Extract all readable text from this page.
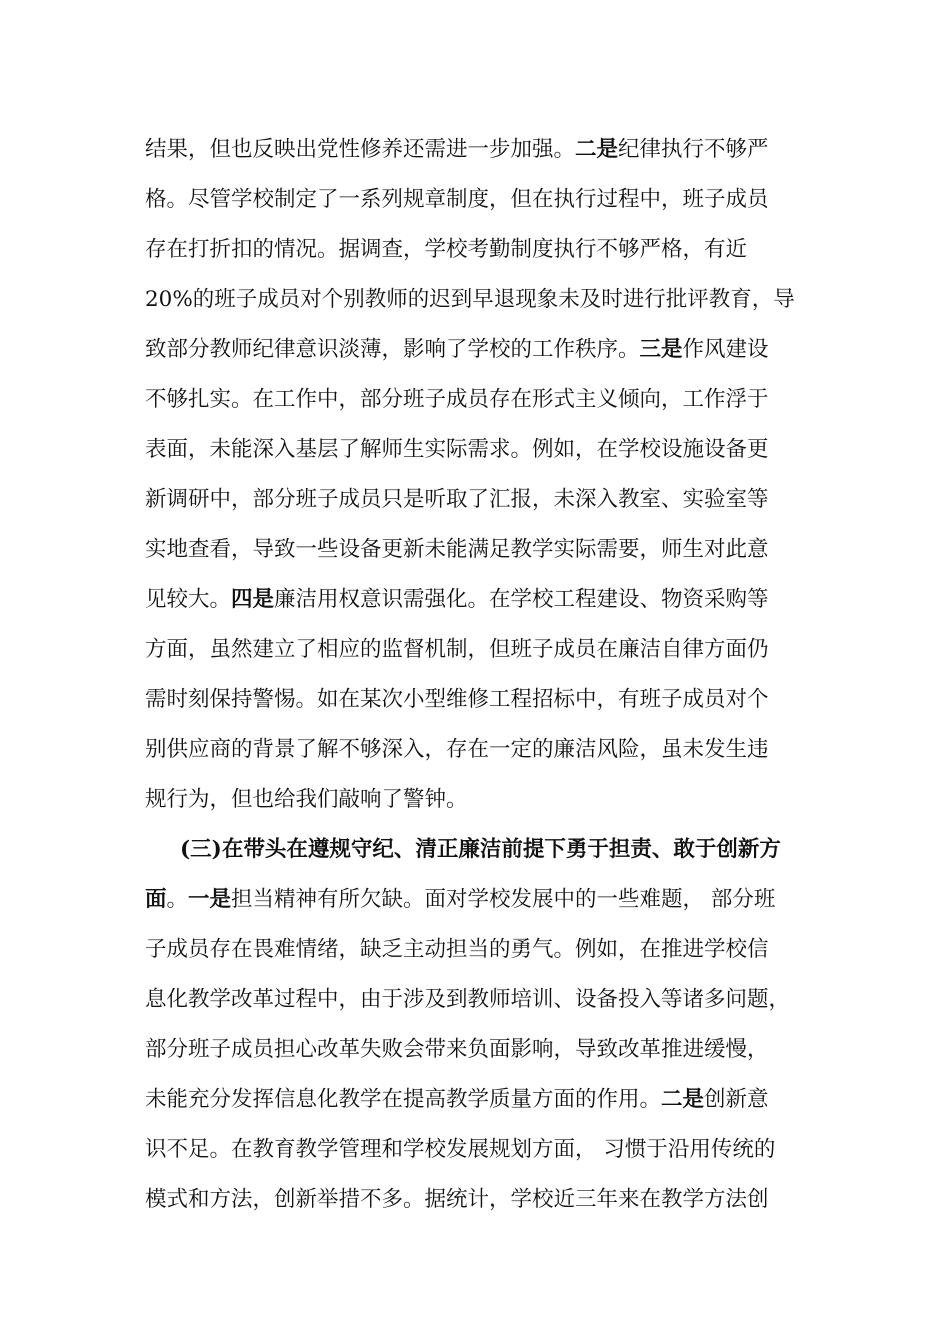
结果，但也反映出党性修养还需进一步加强。二是纪律执行不够严
格。尽管学校制定了一系列规章制度，但在执行过程中，班子成员
存在打折扣的情况。据调查，学校考勤制度执行不够严格，有近
20%的班子成员对个别教师的迟到早退现象未及时进行批评教育，导
致部分教师纪律意识淡薄，影响了学校的工作秩序。三是作风建设
不够扎实。在工作中，部分班子成员存在形式主义倾向，工作浮于
表面，未能深入基层了解师生实际需求。例如，在学校设施设备更
新调研中，部分班子成员只是听取了汇报，未深入教室、实验室等
实地查看，导致一些设备更新未能满足教学实际需要，师生对此意
见较大。四是廉洁用权意识需强化。在学校工程建设、物资采购等
方面，虽然建立了相应的监督机制，但班子成员在廉洁自律方面仍
需时刻保持警惕。如在某次小型维修工程招标中，有班子成员对个
别供应商的背景了解不够深入，存在一定的廉洁风险，虽未发生违
规行为，但也给我们敲响了警钟。
(三)在带头在遵规守纪、清正廉洁前提下勇于担责、敢于创新方
面。一是担当精神有所欠缺。面对学校发展中的一些难题， 部分班
子成员存在畏难情绪，缺乏主动担当的勇气。例如，在推进学校信
息化教学改革过程中，由于涉及到教师培训、设备投入等诸多问题，
部分班子成员担心改革失败会带来负面影响，导致改革推进缓慢，
未能充分发挥信息化教学在提高教学质量方面的作用。二是创新意
识不足。在教育教学管理和学校发展规划方面， 习惯于沿用传统的
模式和方法，创新举措不多。据统计，学校近三年来在教学方法创
